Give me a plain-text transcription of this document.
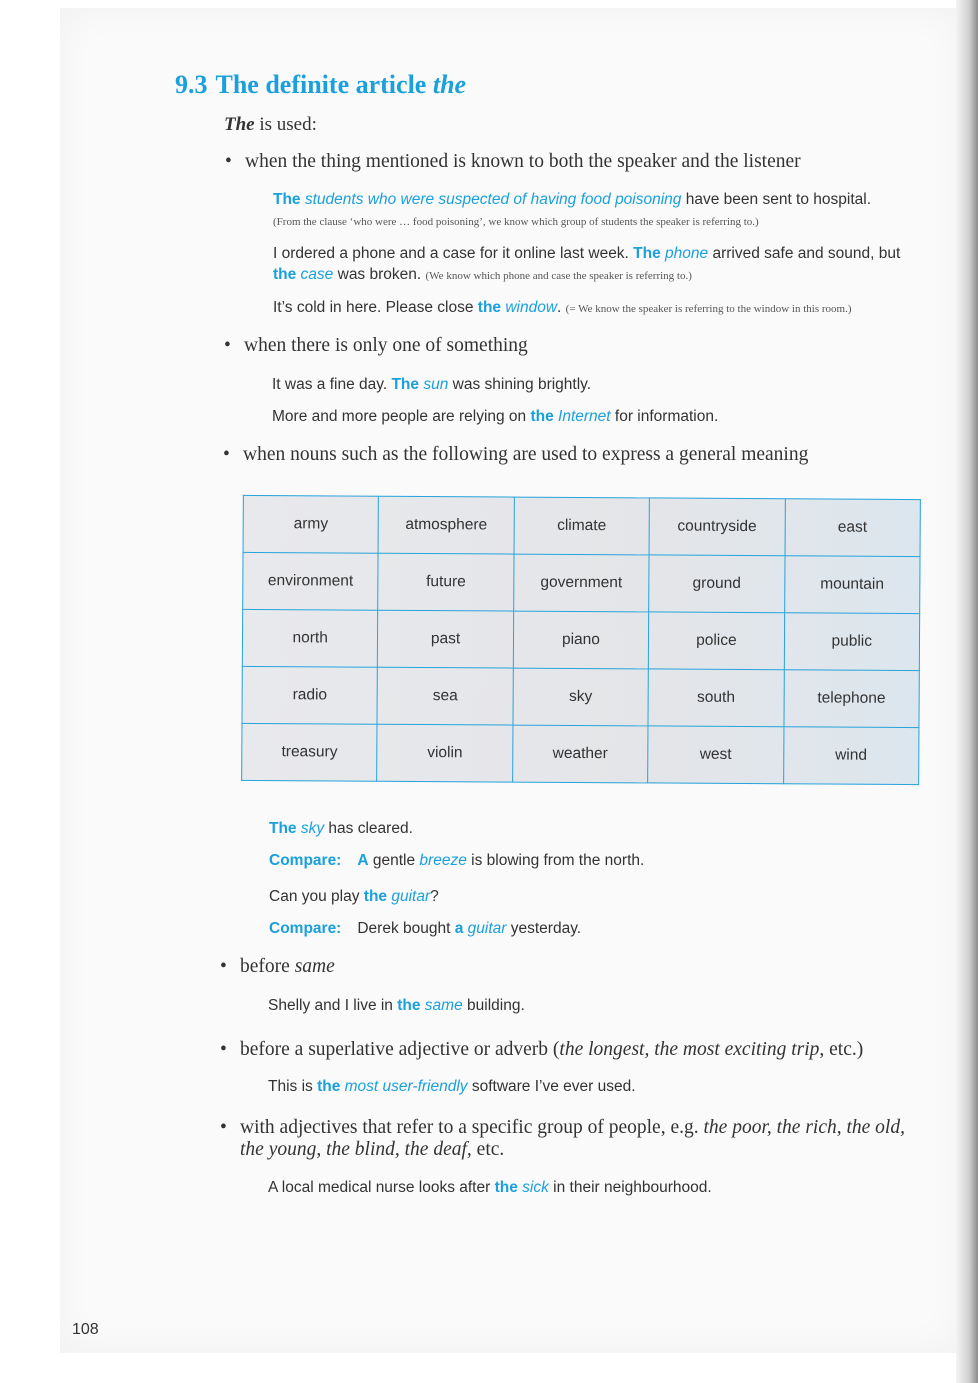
9.3 The definite article the
The is used:
• when the thing mentioned is known to both the speaker and the listener
The students who were suspected of having food poisoning have been sent to hospital.
(From the clause ‘who were … food poisoning’, we know which group of students the speaker is referring to.)
I ordered a phone and a case for it online last week. The phone arrived safe and sound, but the case was broken. (We know which phone and case the speaker is referring to.)
It’s cold in here. Please close the window. (= We know the speaker is referring to the window in this room.)
• when there is only one of something
It was a fine day. The sun was shining brightly.
More and more people are relying on the Internet for information.
• when nouns such as the following are used to express a general meaning
army	atmosphere	climate	countryside	east
environment	future	government	ground	mountain
north	past	piano	police	public
radio	sea	sky	south	telephone
treasury	violin	weather	west	wind
The sky has cleared.
Compare: A gentle breeze is blowing from the north.
Can you play the guitar?
Compare: Derek bought a guitar yesterday.
• before same
Shelly and I live in the same building.
• before a superlative adjective or adverb (the longest, the most exciting trip, etc.)
This is the most user-friendly software I’ve ever used.
• with adjectives that refer to a specific group of people, e.g. the poor, the rich, the old,
the young, the blind, the deaf, etc.
A local medical nurse looks after the sick in their neighbourhood.
108
